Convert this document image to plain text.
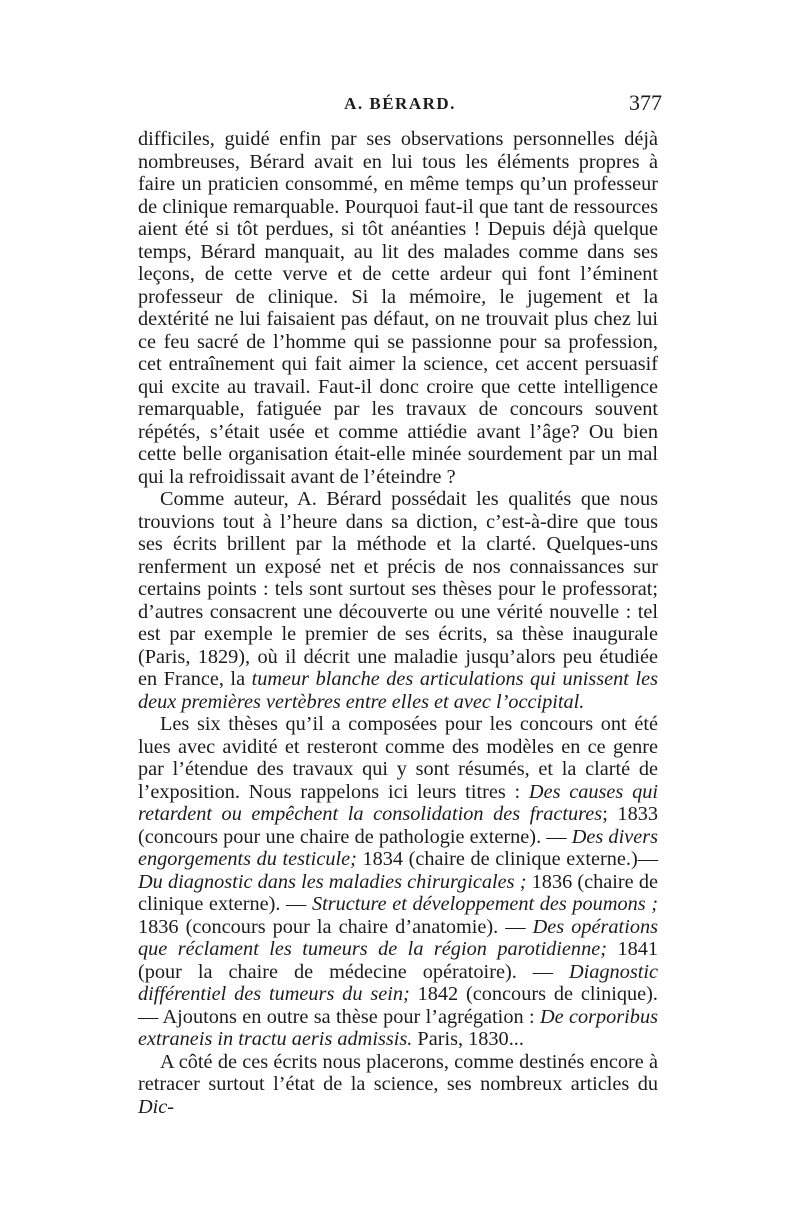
A. BÉRARD.	377

difficiles, guidé enfin par ses observations personnelles déjà nombreuses, Bérard avait en lui tous les éléments propres à faire un praticien consommé, en même temps qu’un professeur de clinique remarquable. Pourquoi faut-il que tant de ressources aient été si tôt perdues, si tôt anéanties ! Depuis déjà quelque temps, Bérard manquait, au lit des malades comme dans ses leçons, de cette verve et de cette ardeur qui font l’éminent professeur de clinique. Si la mémoire, le jugement et la dextérité ne lui faisaient pas défaut, on ne trouvait plus chez lui ce feu sacré de l’homme qui se passionne pour sa profession, cet entraînement qui fait aimer la science, cet accent persuasif qui excite au travail. Faut-il donc croire que cette intelligence remarquable, fatiguée par les travaux de concours souvent répétés, s’était usée et comme attiédie avant l’âge? Ou bien cette belle organisation était-elle minée sourdement par un mal qui la refroidissait avant de l’éteindre ?

Comme auteur, A. Bérard possédait les qualités que nous trouvions tout à l’heure dans sa diction, c’est-à-dire que tous ses écrits brillent par la méthode et la clarté. Quelques-uns renferment un exposé net et précis de nos connaissances sur certains points : tels sont surtout ses thèses pour le professorat; d’autres consacrent une découverte ou une vérité nouvelle : tel est par exemple le premier de ses écrits, sa thèse inaugurale (Paris, 1829), où il décrit une maladie jusqu’alors peu étudiée en France, la tumeur blanche des articulations qui unissent les deux premières vertèbres entre elles et avec l’occipital.

Les six thèses qu’il a composées pour les concours ont été lues avec avidité et resteront comme des modèles en ce genre par l’étendue des travaux qui y sont résumés, et la clarté de l’exposition. Nous rappelons ici leurs titres : Des causes qui retardent ou empêchent la consolidation des fractures; 1833 (concours pour une chaire de pathologie externe). — Des divers engorgements du testicule; 1834 (chaire de clinique externe.)—Du diagnostic dans les maladies chirurgicales ; 1836 (chaire de clinique externe). — Structure et développement des poumons ; 1836 (concours pour la chaire d’anatomie). — Des opérations que réclament les tumeurs de la région parotidienne; 1841 (pour la chaire de médecine opératoire). — Diagnostic différentiel des tumeurs du sein; 1842 (concours de clinique). — Ajoutons en outre sa thèse pour l’agrégation : De corporibus extraneis in tractu aeris admissis. Paris, 1830...

A côté de ces écrits nous placerons, comme destinés encore à retracer surtout l’état de la science, ses nombreux articles du Dic-
